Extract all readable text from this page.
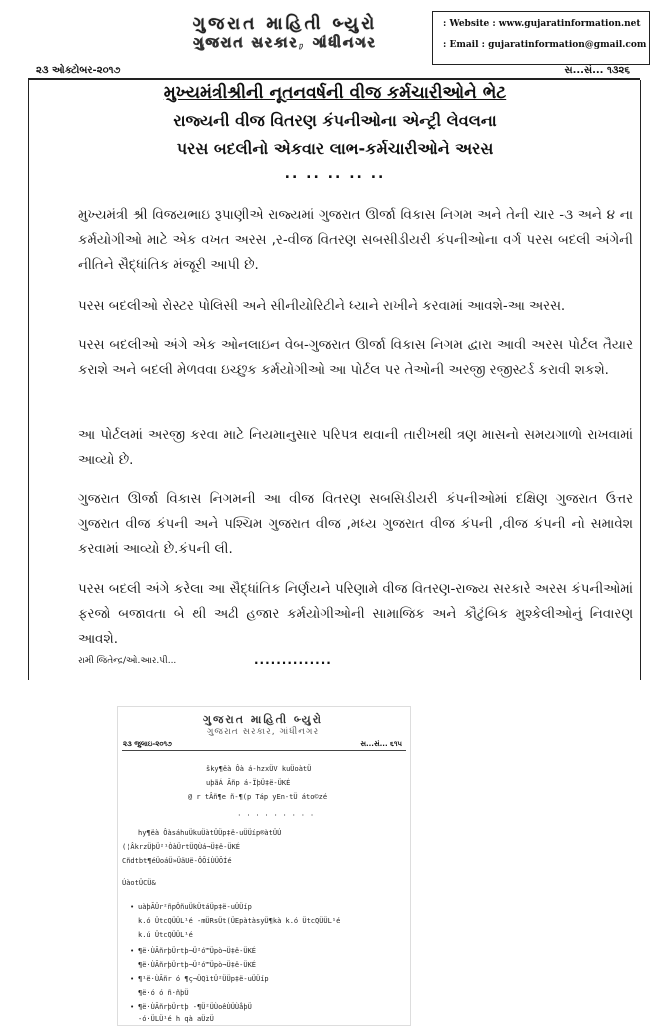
ગુજરાત માહિતી બ્યુરો
ગુજરાત સરકાર, ગાંધીનગર
: Website : www.gujaratinformation.net
: Email : gujaratinformation@gmail.com
૨૩ ઓક્ટોબર-૨૦૧૭	સ...સં... ૧૩૨૬
મુખ્યમંત્રીશ્રીની નૂતનવર્ષની વીજ કર્મચારીઓને ભેટ
રાજ્યની વીજ વિતરણ કંપનીઓના એન્ટ્રી લેવલના
પરસ બદલીનો એકવાર લાભ-કર્મચારીઓને અરસ
.. .. .. .. ..
મુખ્યમંત્રી શ્રી વિજયભાઇ રૂપાણીએ રાજ્યમાં ગુજરાત ઊર્જા વિકાસ નિગમ અને તેની ચાર -૩ અને ૪ ના કર્મયોગીઓ માટે એક વખત અરસ ,ર-વીજ વિતરણ સબસીડીયરી કંપનીઓના વર્ગ પરસ બદલી અંગેની નીતિને સૈદ્ધાંતિક મંજૂરી આપી છે.
પરસ બદલીઓ રોસ્ટર પોલિસી અને સીનીયોરિટીને ધ્યાને રાખીને કરવામાં આવશે-આ અરસ.
પરસ બદલીઓ અંગે એક ઓનલાઇન વેબ-ગુજરાત ઊર્જા વિકાસ નિગમ દ્વારા આવી અરસ પોર્ટલ તૈયાર કરાશે અને બદલી મેળવવા ઇચ્છુક કર્મયોગીઓ આ પોર્ટલ પર તેઓની અરજી રજીસ્ટર્ડ કરાવી શકશે.
આ પોર્ટલમાં અરજી કરવા માટે નિયમાનુસાર પરિપત્ર થવાની તારીખથી ત્રણ માસનો સમયગાળો રાખવામાં આવ્યો છે.
ગુજરાત ઊર્જા વિકાસ નિગમની આ વીજ વિતરણ સબસિડીયરી કંપનીઓમાં દક્ષિણ ગુજરાત ઉત્તર ગુજરાત વીજ કંપની અને પશ્ચિમ ગુજરાત વીજ ,મધ્ય ગુજરાત વીજ કંપની ,વીજ કંપની નો સમાવેશ કરવામાં આવ્યો છે.કંપની લી.
પરસ બદલી અંગે કરેલા આ સૈદ્ધાંતિક નિર્ણયને પરિણામે વીજ વિતરણ-રાજ્ય સરકારે અરસ કંપનીઓમાં ફરજો બજાવતા બે થી અઢી હજાર કર્મયોગીઓની સામાજિક અને કૌટુંબિક મુશ્કેલીઓનું નિવારણ આવશે.
રામી જિતેન્દ્ર/ઓ.આર.પી...	..............
ગુજરાત માહિતી બ્યુરો
ગુજરાત સરકાર, ગાંધીનગર
૨૩ જુલાઇ-૨૦૧૭	સ...સં... ૬૧૫
šky¶ëà Ôà á-hzxÜV kuÜoàtÜ
uþãÁ Ãñp á-ÏþÜ‡ë-ÜKÉ
@ r tÂñ¶e ñ-¶(p Táp yEn-tÜ áto©zé
· · · · · · · · ·
hy¶ëà ÔàsáhuÜkuÜàtÜÜp‡ë-uÜÜíp®àtÜÚ
(¦ÂkrzÜþÜ²¹ÒàÜrtÜQÙá¬Ü‡ë-ÜKÉ
Cñdtbt¶éÜoáÜ»ÜäUë-ÔÕíÙÜÕÍé
ÚàotÜCÜ&
• uàþÃÜr²ñpÖñuÜkÜtáÜp‡ë-uÜÜíp
k.ó ÜtcQÜÜL¹é -mÜRsÜt(ÜEpàtàsyÜ¶kà k.ó ÜtcQÜÜL¹é
k.ú ÜtcQÜÜL¹é
• ¶ë·ÙÃñrþÜrtþ¬Ü²ó™Üpò¬Ü‡ë-ÜKÉ
¶ë·ÙÃñrþÜrtþ¬Ü²ó™Üpò¬Ü‡ë-ÜKÉ
• ¶¹ë·ÙÃñr ó ¶ç¬ÜQìtÜ²ÜÜp‡ë-uÜÜíp
¶ë·ó ó ñ·ñþÜ
• ¶ë·ÙÃñrþÜrtþ -¶Ü²ÜÙoêÙÜÙåþÜ
-ó·ÜLÜ¹é h qà aÜzÜ
